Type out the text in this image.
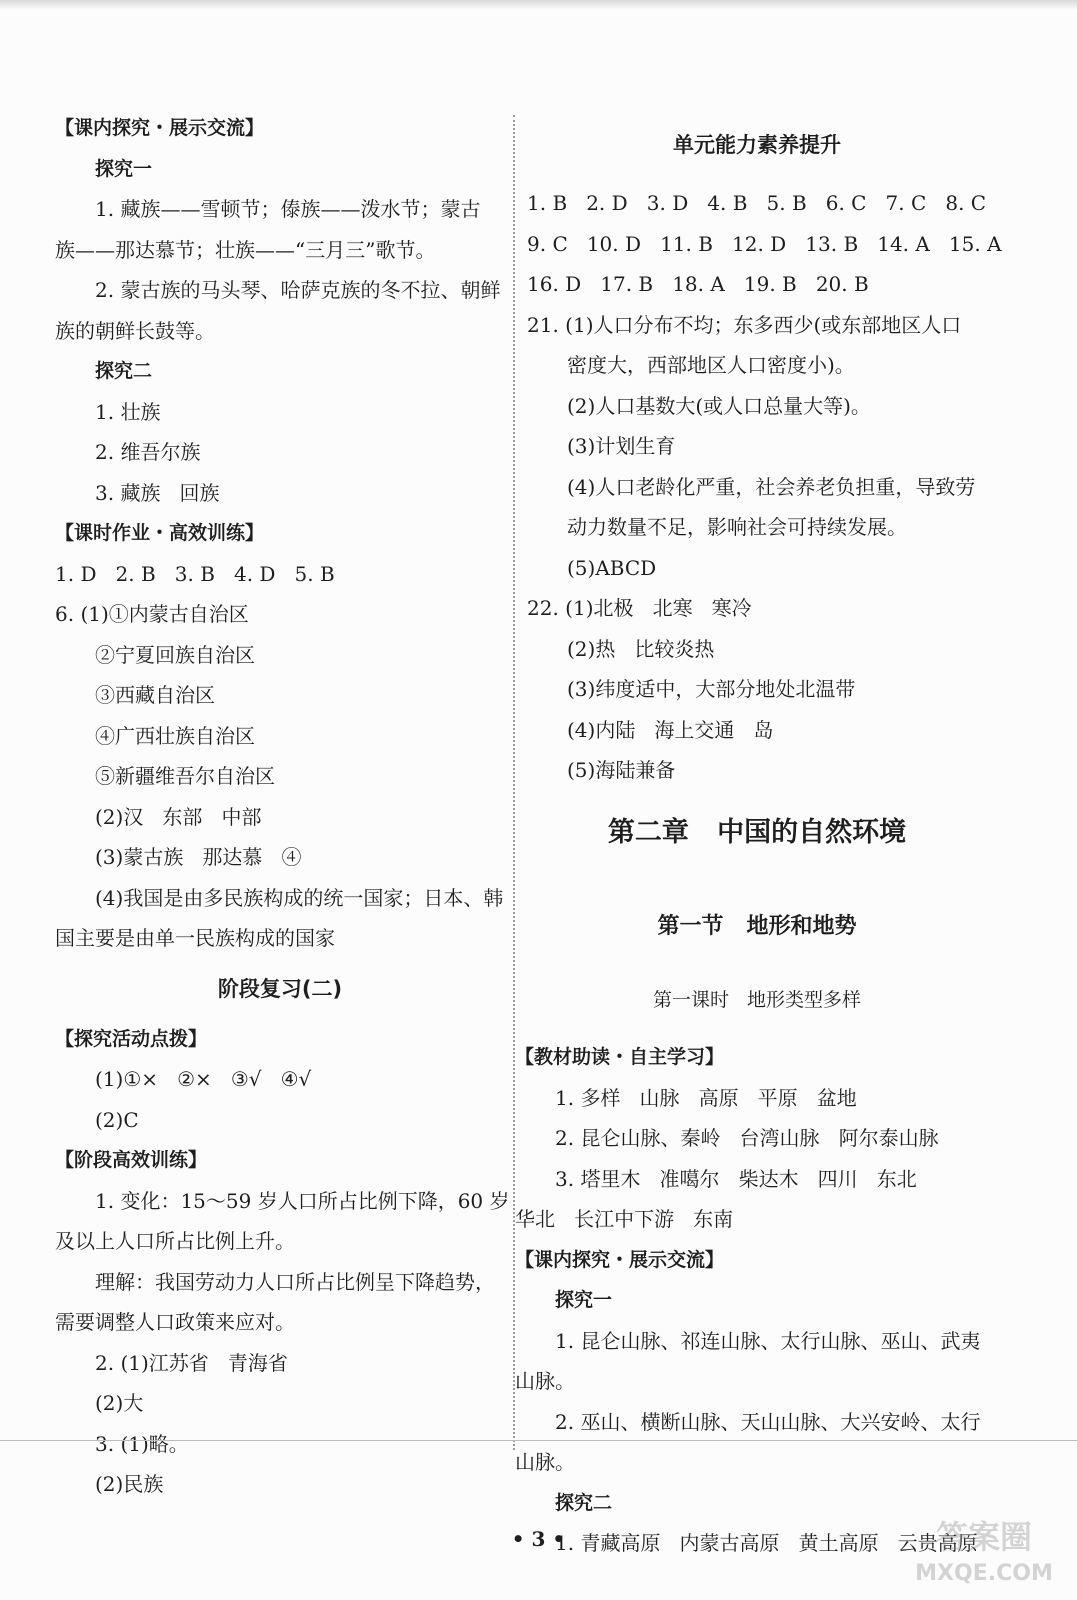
【课内探究・展示交流】
探究一
1. 藏族——雪顿节；傣族——泼水节；蒙古
族——那达慕节；壮族——“三月三”歌节。
2. 蒙古族的马头琴、哈萨克族的冬不拉、朝鲜
族的朝鲜长鼓等。
探究二
1. 壮族
2. 维吾尔族
3. 藏族   回族
【课时作业・高效训练】
1. D   2. B   3. B   4. D   5. B
6. (1)①内蒙古自治区
②宁夏回族自治区
③西藏自治区
④广西壮族自治区
⑤新疆维吾尔自治区
(2)汉   东部   中部
(3)蒙古族   那达慕   ④
(4)我国是由多民族构成的统一国家；日本、韩
国主要是由单一民族构成的国家
阶段复习(二)
【探究活动点拨】
(1)①×   ②×   ③√   ④√
(2)C
【阶段高效训练】
1. 变化：15～59 岁人口所占比例下降，60 岁
及以上人口所占比例上升。
理解：我国劳动力人口所占比例呈下降趋势，
需要调整人口政策来应对。
2. (1)江苏省   青海省
(2)大
3. (1)略。
(2)民族
单元能力素养提升
1. B   2. D   3. D   4. B   5. B   6. C   7. C   8. C
9. C   10. D   11. B   12. D   13. B   14. A   15. A
16. D   17. B   18. A   19. B   20. B
21. (1)人口分布不均；东多西少(或东部地区人口
密度大，西部地区人口密度小)。
(2)人口基数大(或人口总量大等)。
(3)计划生育
(4)人口老龄化严重，社会养老负担重，导致劳
动力数量不足，影响社会可持续发展。
(5)ABCD
22. (1)北极   北寒   寒冷
(2)热   比较炎热
(3)纬度适中，大部分地处北温带
(4)内陆   海上交通   岛
(5)海陆兼备
第二章   中国的自然环境
第一节   地形和地势
第一课时   地形类型多样
【教材助读・自主学习】
1. 多样   山脉   高原   平原   盆地
2. 昆仑山脉、秦岭   台湾山脉   阿尔泰山脉
3. 塔里木   准噶尔   柴达木   四川   东北
华北   长江中下游   东南
【课内探究・展示交流】
探究一
1. 昆仑山脉、祁连山脉、太行山脉、巫山、武夷
山脉。
2. 巫山、横断山脉、天山山脉、大兴安岭、太行
山脉。
探究二
1. 青藏高原   内蒙古高原   黄土高原   云贵高原
• 3 •	答案圈
MXQE.COM
